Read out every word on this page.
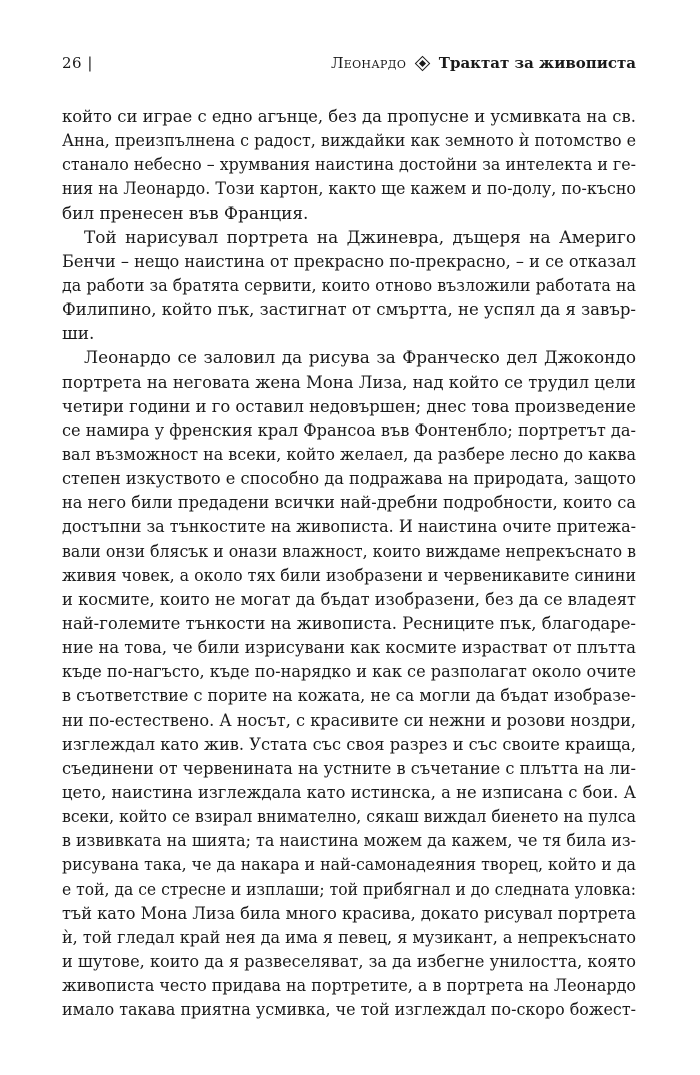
26 |	Леонардо Трактат за живописта
който си играе с едно агънце, без да пропусне и усмивката на св.
Анна, преизпълнена с радост, виждайки как земното ѝ потомство е
станало небесно – хрумвания наистина достойни за интелекта и ге-
ния на Леонардо. Този картон, както ще кажем и по-долу, по-късно
бил пренесен във Франция.
Той нарисувал портрета на Джиневра, дъщеря на Америго
Бенчи – нещо наистина от прекрасно по-прекрасно, – и се отказал
да работи за братята сервити, които отново възложили работата на
Филипино, който пък, застигнат от смъртта, не успял да я завър-
ши.
Леонардо се заловил да рисува за Франческо дел Джокондо
портрета на неговата жена Мона Лиза, над който се трудил цели
четири години и го оставил недовършен; днес това произведение
се намира у френския крал Франсоа във Фонтенбло; портретът да-
вал възможност на всеки, който желаел, да разбере лесно до каква
степен изкуството е способно да подражава на природата, защото
на него били предадени всички най-дребни подробности, които са
достъпни за тънкостите на живописта. И наистина очите притежа-
вали онзи блясък и онази влажност, които виждаме непрекъснато в
живия човек, а около тях били изобразени и червеникавите синини
и космите, които не могат да бъдат изобразени, без да се владеят
най-големите тънкости на живописта. Ресниците пък, благодаре-
ние на това, че били изрисувани как космите израстват от плътта
къде по-нагъсто, къде по-нарядко и как се разполагат около очите
в съответствие с порите на кожата, не са могли да бъдат изобразе-
ни по-естествено. А носът, с красивите си нежни и розови ноздри,
изглеждал като жив. Устата със своя разрез и със своите краища,
съединени от червенината на устните в съчетание с плътта на ли-
цето, наистина изглеждала като истинска, а не изписана с бои. А
всеки, който се взирал внимателно, сякаш виждал биенето на пулса
в извивката на шията; та наистина можем да кажем, че тя била из-
рисувана така, че да накара и най-самонадеяния творец, който и да
е той, да се стресне и изплаши; той прибягнал и до следната уловка:
тъй като Мона Лиза била много красива, докато рисувал портрета
ѝ, той гледал край нея да има я певец, я музикант, а непрекъснато
и шутове, които да я развеселяват, за да избегне унилостта, която
живописта често придава на портретите, а в портрета на Леонардо
имало такава приятна усмивка, че той изглеждал по-скоро божест-
